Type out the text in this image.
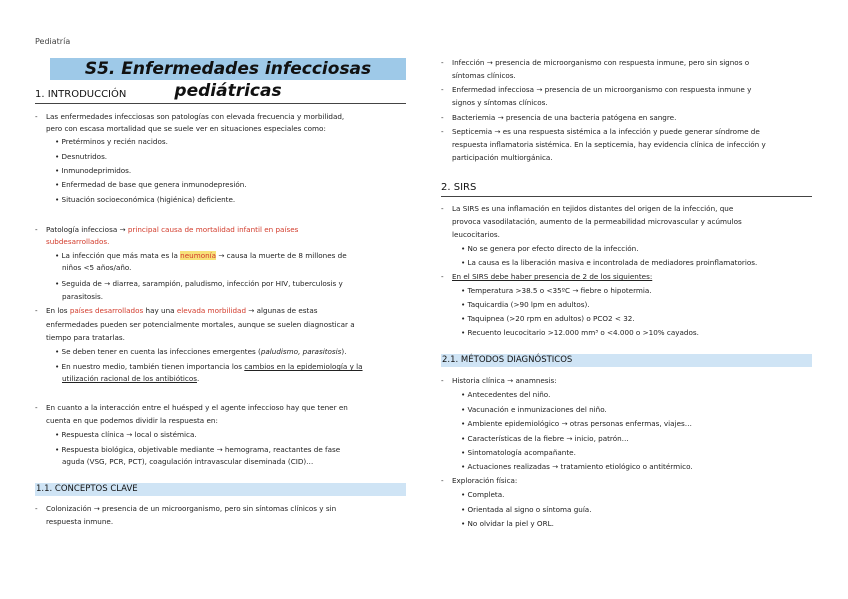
Pediatría
S5. Enfermedades infecciosas pediátricas
1. INTRODUCCIÓN
- Las enfermedades infecciosas son patologías con elevada frecuencia y morbilidad,
pero con escasa mortalidad que se suele ver en situaciones especiales como:
• Pretérminos y recién nacidos.
• Desnutridos.
• Inmunodeprimidos.
• Enfermedad de base que genera inmunodepresión.
• Situación socioeconómica (higiénica) deficiente.
- Patología infecciosa → principal causa de mortalidad infantil en países
subdesarrollados.
• La infección que más mata es la neumonía → causa la muerte de 8 millones de
niños <5 años/año.
• Seguida de → diarrea, sarampión, paludismo, infección por HIV, tuberculosis y
parasitosis.
- En los países desarrollados hay una elevada morbilidad → algunas de estas
enfermedades pueden ser potencialmente mortales, aunque se suelen diagnosticar a
tiempo para tratarlas.
• Se deben tener en cuenta las infecciones emergentes (paludismo, parasitosis).
• En nuestro medio, también tienen importancia los cambios en la epidemiología y la
utilización racional de los antibióticos.
- En cuanto a la interacción entre el huésped y el agente infeccioso hay que tener en
cuenta en que podemos dividir la respuesta en:
• Respuesta clínica → local o sistémica.
• Respuesta biológica, objetivable mediante → hemograma, reactantes de fase
aguda (VSG, PCR, PCT), coagulación intravascular diseminada (CID)…
1.1. CONCEPTOS CLAVE
- Colonización → presencia de un microorganismo, pero sin síntomas clínicos y sin
respuesta inmune.
- Infección → presencia de microorganismo con respuesta inmune, pero sin signos o
síntomas clínicos.
- Enfermedad infecciosa → presencia de un microorganismo con respuesta inmune y
signos y síntomas clínicos.
- Bacteriemia → presencia de una bacteria patógena en sangre.
- Septicemia → es una respuesta sistémica a la infección y puede generar síndrome de
respuesta inflamatoria sistémica. En la septicemia, hay evidencia clínica de infección y
participación multiorgánica.
2. SIRS
- La SIRS es una inflamación en tejidos distantes del origen de la infección, que
provoca vasodilatación, aumento de la permeabilidad microvascular y acúmulos
leucocitarios.
• No se genera por efecto directo de la infección.
• La causa es la liberación masiva e incontrolada de mediadores proinflamatorios.
- En el SIRS debe haber presencia de 2 de los siguientes:
• Temperatura >38.5 o <35ºC → fiebre o hipotermia.
• Taquicardia (>90 lpm en adultos).
• Taquipnea (>20 rpm en adultos) o PCO2 < 32.
• Recuento leucocitario >12.000 mm³ o <4.000 o >10% cayados.
2.1. MÉTODOS DIAGNÓSTICOS
- Historia clínica → anamnesis:
• Antecedentes del niño.
• Vacunación e inmunizaciones del niño.
• Ambiente epidemiológico → otras personas enfermas, viajes…
• Características de la fiebre → inicio, patrón…
• Sintomatología acompañante.
• Actuaciones realizadas → tratamiento etiológico o antitérmico.
- Exploración física:
• Completa.
• Orientada al signo o síntoma guía.
• No olvidar la piel y ORL.
